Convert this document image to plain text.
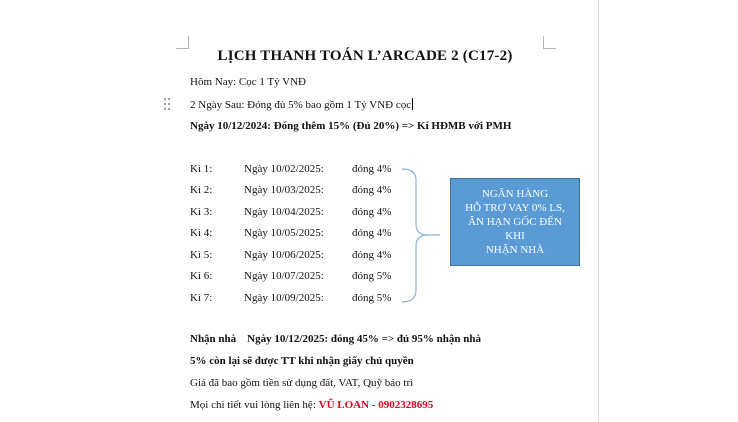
LỊCH THANH TOÁN L’ARCADE 2 (C17-2)
Hôm Nay: Cọc 1 Tỷ VNĐ
2 Ngày Sau: Đóng đủ 5% bao gồm 1 Tỷ VNĐ cọc
Ngày 10/12/2024: Đóng thêm 15% (Đủ 20%) => Kí HĐMB với PMH
Kì 1:	Ngày 10/02/2025:	đóng 4%
Kì 2:	Ngày 10/03/2025:	đóng 4%
Kì 3:	Ngày 10/04/2025:	đóng 4%
Kì 4:	Ngày 10/05/2025:	đóng 4%
Kì 5:	Ngày 10/06/2025:	đóng 4%
Kì 6:	Ngày 10/07/2025:	đóng 5%
Kì 7:	Ngày 10/09/2025:	đóng 5%
NGÂN HÀNG
HỖ TRỢ VAY 0% LS,
ÂN HẠN GỐC ĐẾN KHI
NHẬN NHÀ
Nhận nhà    Ngày 10/12/2025: đóng 45% => đủ 95% nhận nhà
5% còn lại sẽ được TT khi nhận giấy chủ quyền
Giá đã bao gồm tiền sử dụng đất, VAT, Quỹ bảo trì
Mọi chi tiết vui lòng liên hệ: VŨ LOAN - 0902328695
